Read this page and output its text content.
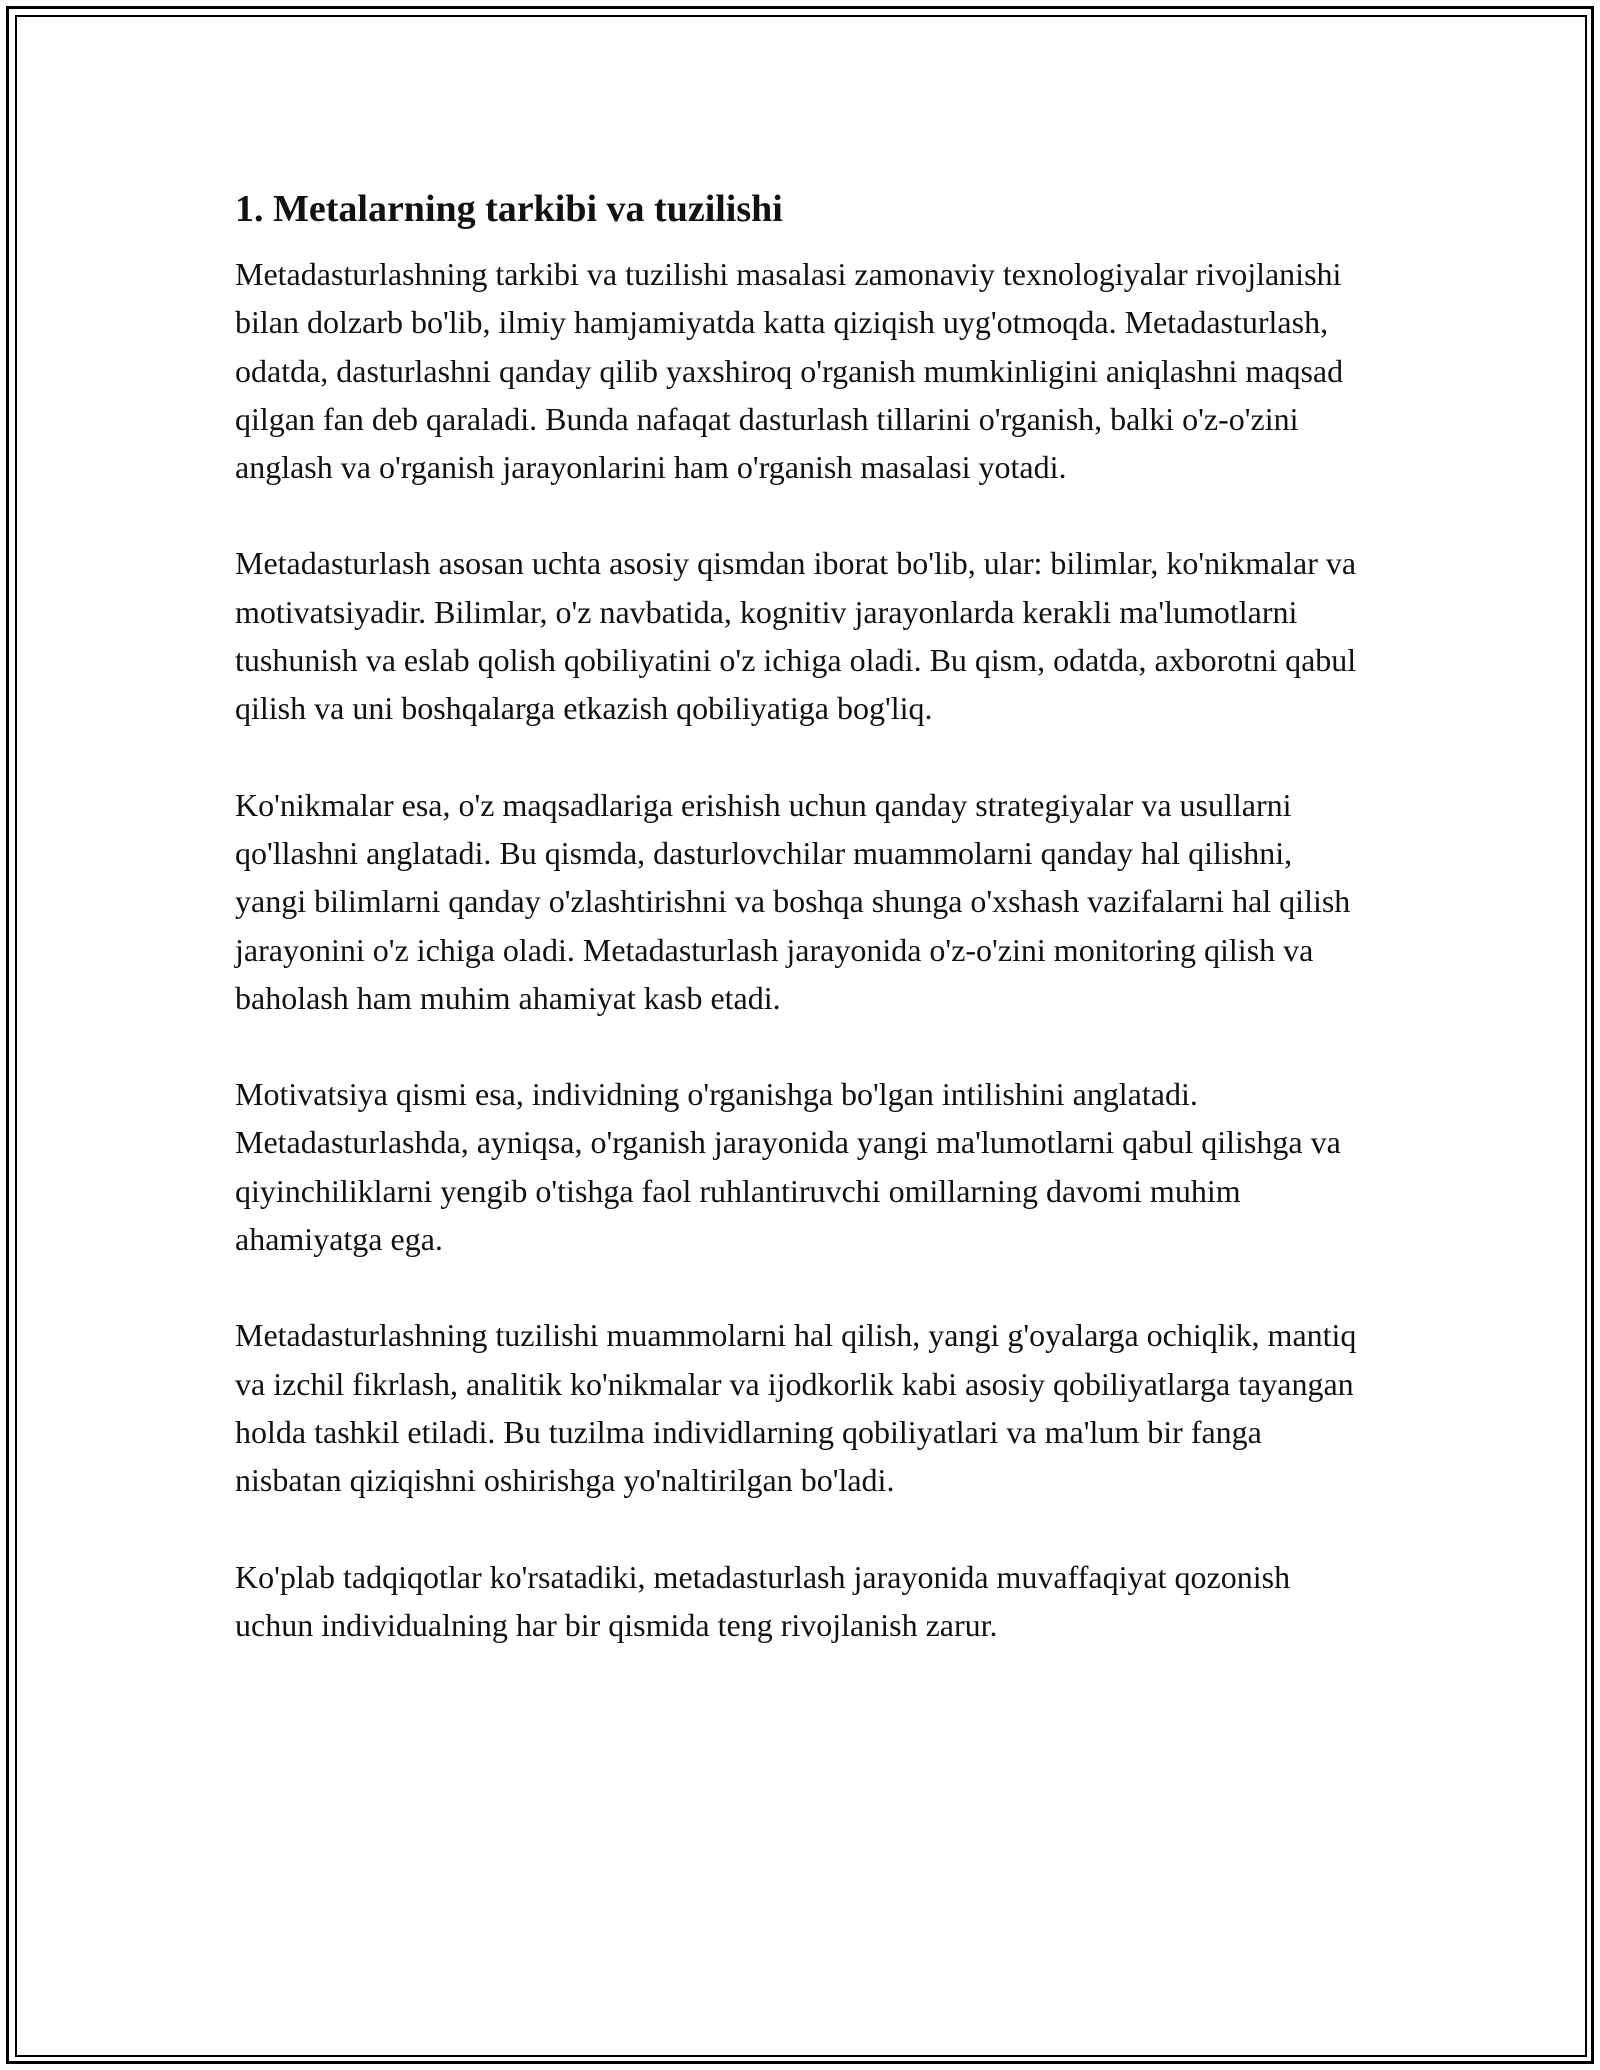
1. Metalarning tarkibi va tuzilishi

Metadasturlashning tarkibi va tuzilishi masalasi zamonaviy texnologiyalar rivojlanishi bilan dolzarb bo'lib, ilmiy hamjamiyatda katta qiziqish uyg'otmoqda. Metadasturlash, odatda, dasturlashni qanday qilib yaxshiroq o'rganish mumkinligini aniqlashni maqsad qilgan fan deb qaraladi. Bunda nafaqat dasturlash tillarini o'rganish, balki o'z-o'zini anglash va o'rganish jarayonlarini ham o'rganish masalasi yotadi.

Metadasturlash asosan uchta asosiy qismdan iborat bo'lib, ular: bilimlar, ko'nikmalar va motivatsiyadir. Bilimlar, o'z navbatida, kognitiv jarayonlarda kerakli ma'lumotlarni tushunish va eslab qolish qobiliyatini o'z ichiga oladi. Bu qism, odatda, axborotni qabul qilish va uni boshqalarga etkazish qobiliyatiga bog'liq.

Ko'nikmalar esa, o'z maqsadlariga erishish uchun qanday strategiyalar va usullarni qo'llashni anglatadi. Bu qismda, dasturlovchilar muammolarni qanday hal qilishni, yangi bilimlarni qanday o'zlashtirishni va boshqa shunga o'xshash vazifalarni hal qilish jarayonini o'z ichiga oladi. Metadasturlash jarayonida o'z-o'zini monitoring qilish va baholash ham muhim ahamiyat kasb etadi.

Motivatsiya qismi esa, individning o'rganishga bo'lgan intilishini anglatadi. Metadasturlashda, ayniqsa, o'rganish jarayonida yangi ma'lumotlarni qabul qilishga va qiyinchiliklarni yengib o'tishga faol ruhlantiruvchi omillarning davomi muhim ahamiyatga ega.

Metadasturlashning tuzilishi muammolarni hal qilish, yangi g'oyalarga ochiqlik, mantiq va izchil fikrlash, analitik ko'nikmalar va ijodkorlik kabi asosiy qobiliyatlarga tayangan holda tashkil etiladi. Bu tuzilma individlarning qobiliyatlari va ma'lum bir fanga nisbatan qiziqishni oshirishga yo'naltirilgan bo'ladi.

Ko'plab tadqiqotlar ko'rsatadiki, metadasturlash jarayonida muvaffaqiyat qozonish uchun individualning har bir qismida teng rivojlanish zarur.
